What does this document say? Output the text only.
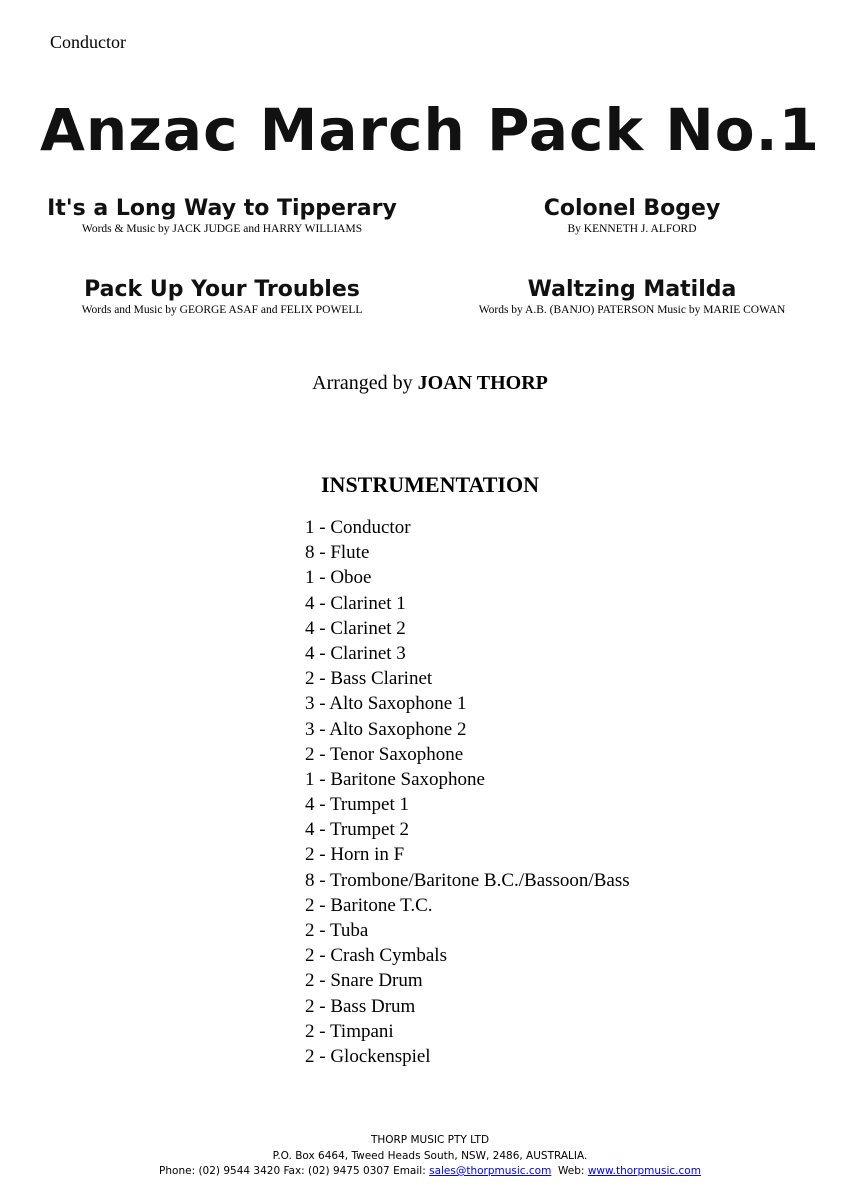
Conductor
Anzac March Pack No.1
It's a Long Way to Tipperary
Words & Music by JACK JUDGE and HARRY WILLIAMS
Colonel Bogey
By KENNETH J. ALFORD
Pack Up Your Troubles
Words and Music by GEORGE ASAF and FELIX POWELL
Waltzing Matilda
Words by A.B. (BANJO) PATERSON Music by MARIE COWAN
Arranged by JOAN THORP
INSTRUMENTATION
1 - Conductor
8 - Flute
1 - Oboe
4 - Clarinet 1
4 - Clarinet 2
4 - Clarinet 3
2 - Bass Clarinet
3 - Alto Saxophone 1
3 - Alto Saxophone 2
2 - Tenor Saxophone
1 - Baritone Saxophone
4 - Trumpet 1
4 - Trumpet 2
2 - Horn in F
8 - Trombone/Baritone B.C./Bassoon/Bass
2 - Baritone T.C.
2 - Tuba
2 - Crash Cymbals
2 - Snare Drum
2 - Bass Drum
2 - Timpani
2 - Glockenspiel
THORP MUSIC PTY LTD
P.O. Box 6464, Tweed Heads South, NSW, 2486, AUSTRALIA.
Phone: (02) 9544 3420 Fax: (02) 9475 0307 Email: sales@thorpmusic.com Web: www.thorpmusic.com
